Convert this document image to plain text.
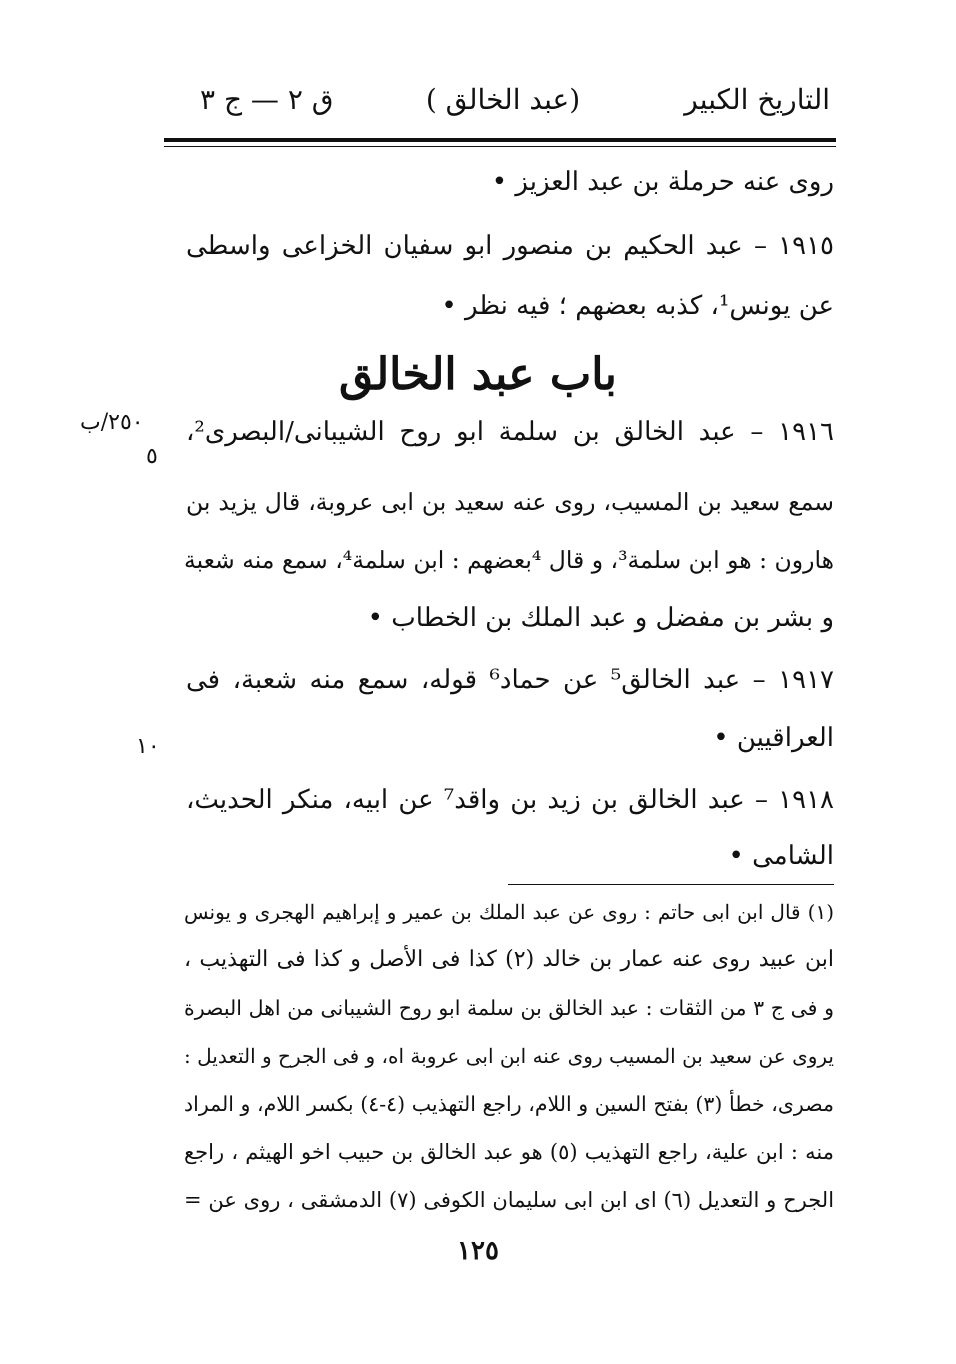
التاريخ الكبير
(عبد الخالق )
ق ٢ — ج ٣
روى عنه حرملة بن عبد العزيز •
١٩١٥ – عبد الحكيم بن منصور ابو سفيان الخزاعى واسطى
عن يونس¹، كذبه بعضهم ؛ فيه نظر •
باب عبد الخالق
١٩١٦ – عبد الخالق بن سلمة ابو روح الشيبانى/البصرى²،
٢٥٠/ب
٥
سمع سعيد بن المسيب، روى عنه سعيد بن ابى عروبة، قال يزيد بن
هارون : هو ابن سلمة³، و قال ⁴بعضهم : ابن سلمة⁴، سمع منه شعبة
و بشر بن مفضل و عبد الملك بن الخطاب •
١٩١٧ – عبد الخالق⁵ عن حماد⁶ قوله، سمع منه شعبة، فى
العراقيين •
١٠
١٩١٨ – عبد الخالق بن زيد بن واقد⁷ عن ابيه، منكر الحديث،
الشامى •
(١) قال ابن ابى حاتم : روى عن عبد الملك بن عمير و إبراهيم الهجرى و يونس
ابن عبيد روى عنه عمار بن خالد (٢) كذا فى الأصل و كذا فى التهذيب ،
و فى ج ٣ من الثقات : عبد الخالق بن سلمة ابو روح الشيبانى من اهل البصرة
يروى عن سعيد بن المسيب روى عنه ابن ابى عروبة اه، و فى الجرح و التعديل :
مصرى، خطأ (٣) بفتح السين و اللام، راجع التهذيب (٤-٤) بكسر اللام، و المراد
منه : ابن علية، راجع التهذيب (٥) هو عبد الخالق بن حبيب اخو الهيثم ، راجع
الجرح و التعديل (٦) اى ابن ابى سليمان الكوفى (٧) الدمشقى ، روى عن =
١٢٥
